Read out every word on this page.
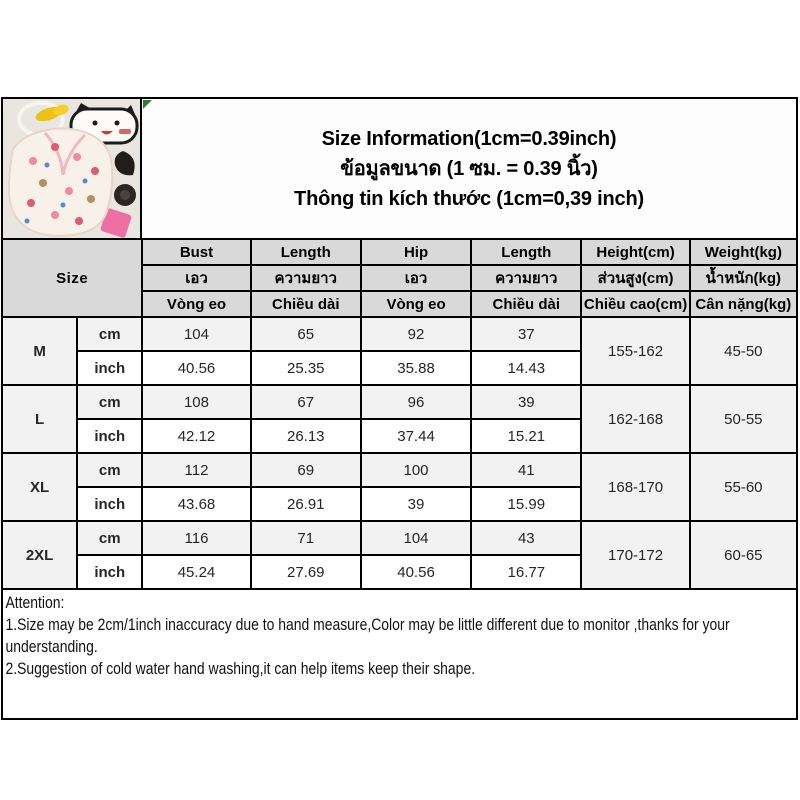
Size Information(1cm=0.39inch)
ข้อมูลขนาด (1 ซม. = 0.39 นิ้ว)
Thông tin kích thước (1cm=0,39 inch)
Size		Bust	Length	Hip	Length	Height(cm)	Weight(kg)
		เอว	ความยาว	เอว	ความยาว	ส่วนสูง(cm)	น้ำหนัก(kg)
		Vòng eo	Chiều dài	Vòng eo	Chiều dài	Chiều cao(cm)	Cân nặng(kg)
M	cm	104	65	92	37	155-162	45-50
	inch	40.56	25.35	35.88	14.43		
L	cm	108	67	96	39	162-168	50-55
	inch	42.12	26.13	37.44	15.21		
XL	cm	112	69	100	41	168-170	55-60
	inch	43.68	26.91	39	15.99		
2XL	cm	116	71	104	43	170-172	60-65
	inch	45.24	27.69	40.56	16.77		
Attention:
1.Size may be 2cm/1inch inaccuracy due to hand measure,Color may be little different due to monitor ,thanks for your
understanding.
2.Suggestion of cold water hand washing,it can help items keep their shape.
